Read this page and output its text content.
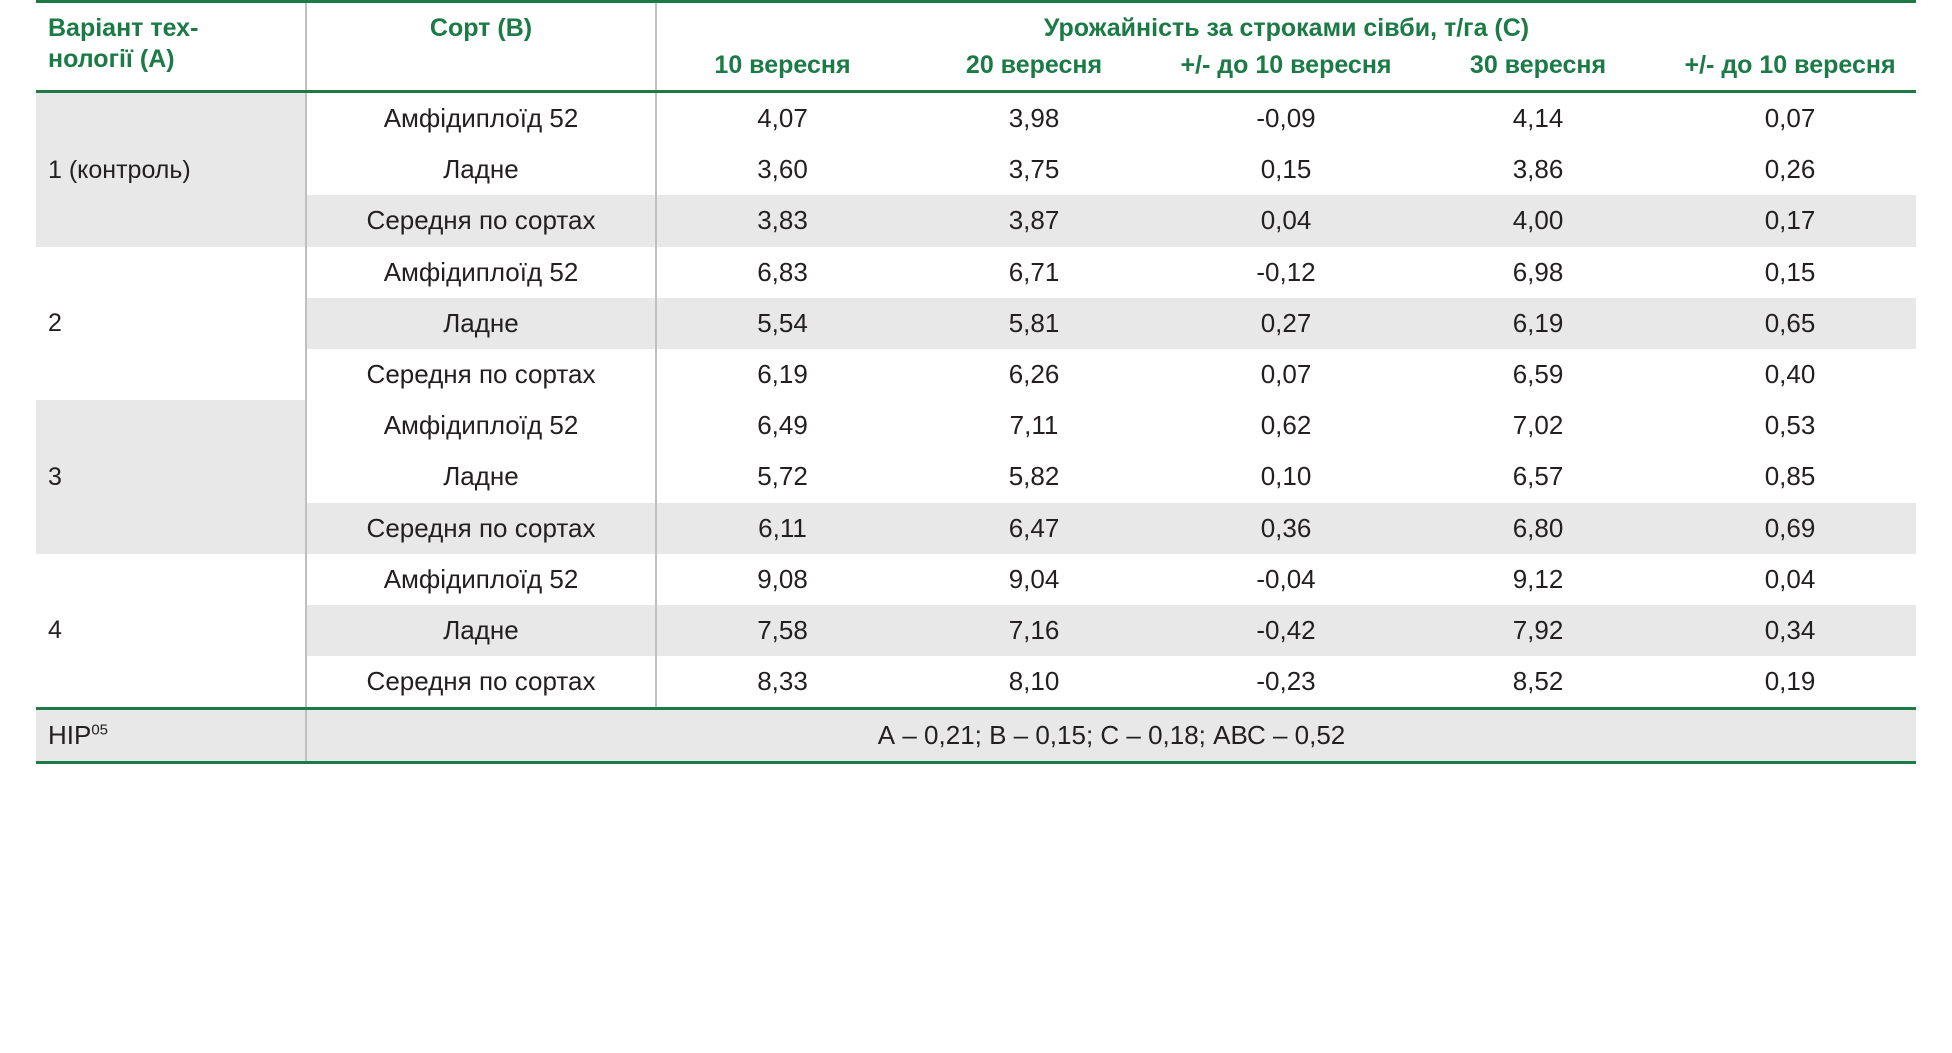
Варіант тех-
нології (А)	Сорт (В)	Урожайність за строками сівби, т/га (С)				
		10 вересня	20 вересня	+/- до 10 вересня	30 вересня	+/- до 10 вересня

1 (контроль)	Амфідиплоїд 52	4,07	3,98	-0,09	4,14	0,07
	Ладне	3,60	3,75	0,15	3,86	0,26
	Середня по сортах	3,83	3,87	0,04	4,00	0,17
2	Амфідиплоїд 52	6,83	6,71	-0,12	6,98	0,15
	Ладне	5,54	5,81	0,27	6,19	0,65
	Середня по сортах	6,19	6,26	0,07	6,59	0,40
3	Амфідиплоїд 52	6,49	7,11	0,62	7,02	0,53
	Ладне	5,72	5,82	0,10	6,57	0,85
	Середня по сортах	6,11	6,47	0,36	6,80	0,69
4	Амфідиплоїд 52	9,08	9,04	-0,04	9,12	0,04
	Ладне	7,58	7,16	-0,42	7,92	0,34
	Середня по сортах	8,33	8,10	-0,23	8,52	0,19
НІР$^{05}$	А – 0,21; В – 0,15; С – 0,18; АВС – 0,52					
